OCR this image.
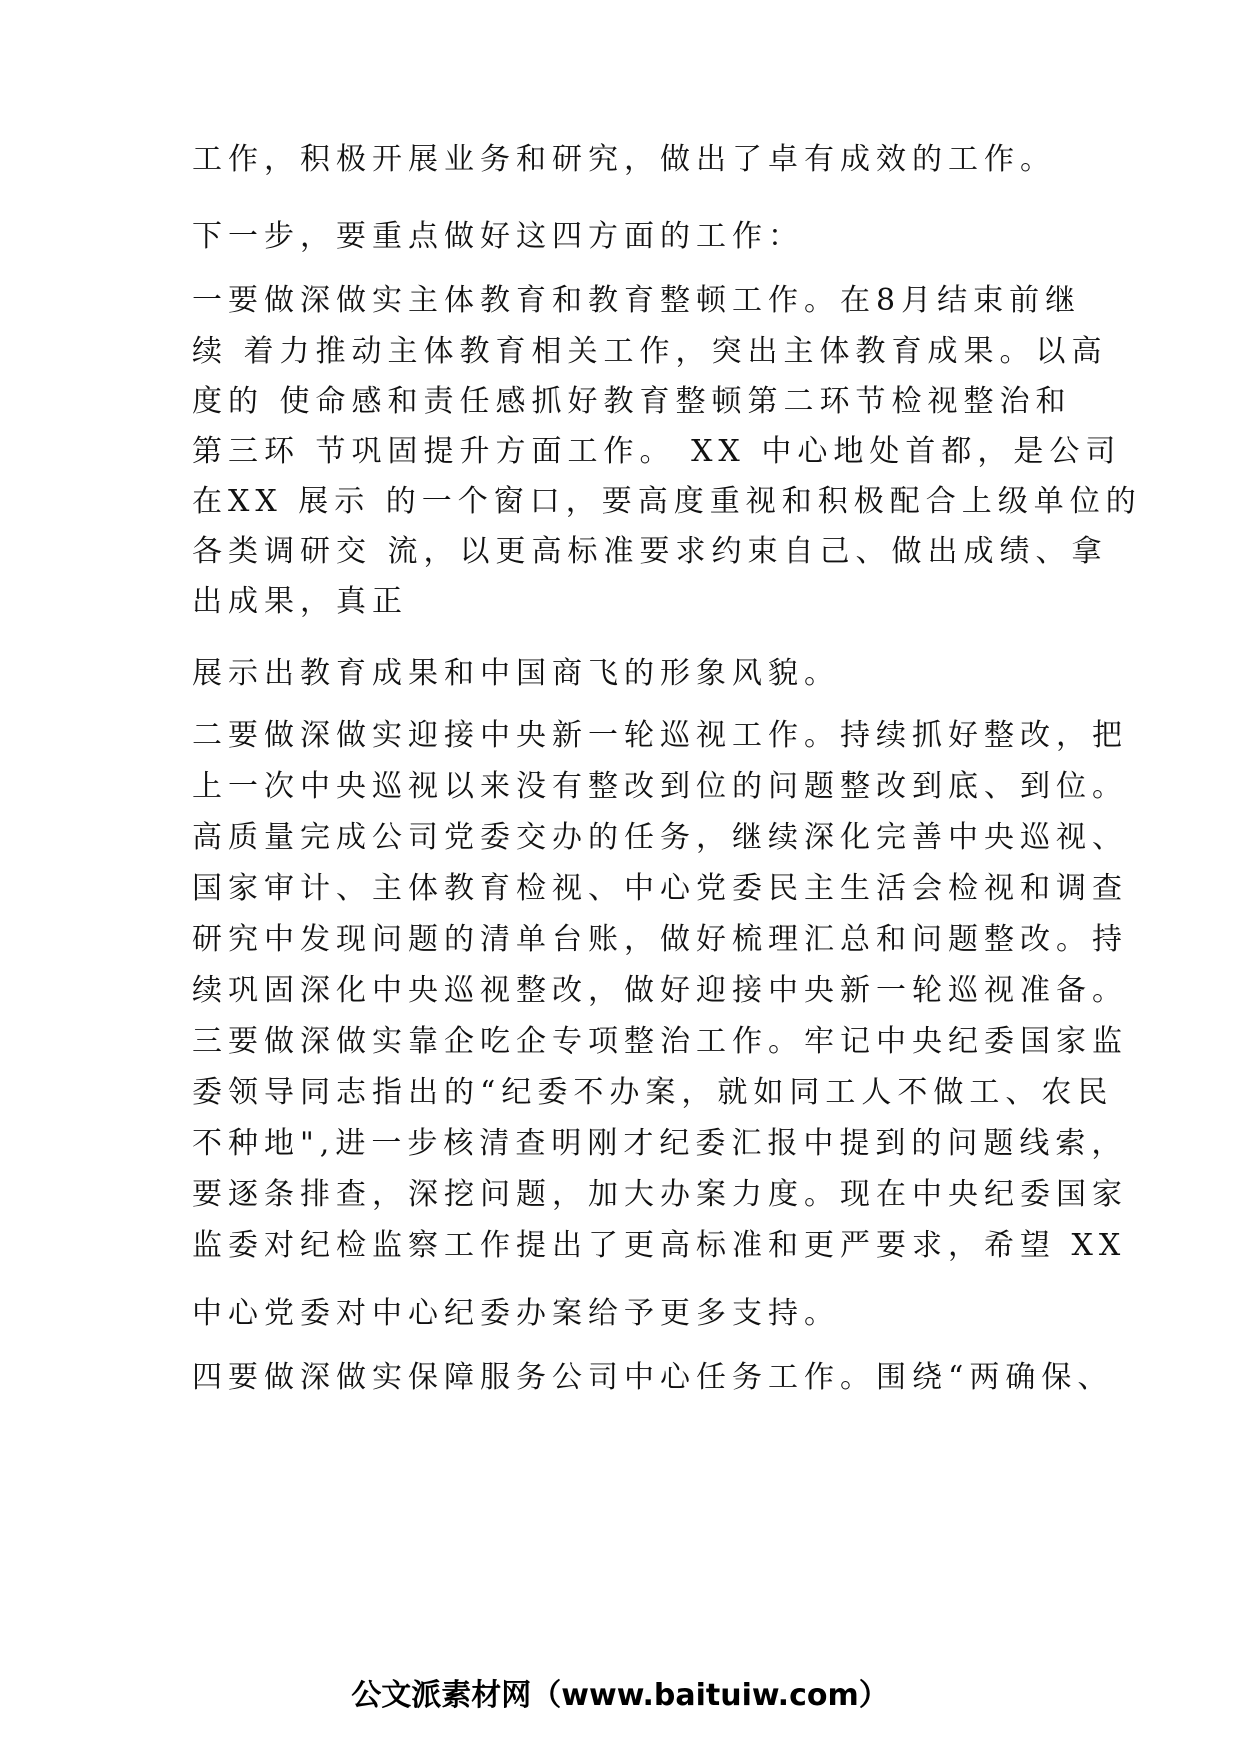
工作，积极开展业务和研究，做出了卓有成效的工作。

下一步，要重点做好这四方面的工作：

一要做深做实主体教育和教育整顿工作。在8月结束前继

续 着力推动主体教育相关工作，突出主体教育成果。以高

度的 使命感和责任感抓好教育整顿第二环节检视整治和

第三环 节巩固提升方面工作。 XX 中心地处首都，是公司

在XX 展示 的一个窗口，要高度重视和积极配合上级单位的

各类调研交 流，以更高标准要求约束自己、做出成绩、拿

出成果，真正

展示出教育成果和中国商飞的形象风貌。

二要做深做实迎接中央新一轮巡视工作。持续抓好整改，把

上一次中央巡视以来没有整改到位的问题整改到底、到位。

高质量完成公司党委交办的任务，继续深化完善中央巡视、

国家审计、主体教育检视、中心党委民主生活会检视和调查

研究中发现问题的清单台账，做好梳理汇总和问题整改。持

续巩固深化中央巡视整改，做好迎接中央新一轮巡视准备。

三要做深做实靠企吃企专项整治工作。牢记中央纪委国家监

委领导同志指出的“纪委不办案，就如同工人不做工、农民

不种地",进一步核清查明刚才纪委汇报中提到的问题线索，

要逐条排查，深挖问题，加大办案力度。现在中央纪委国家

监委对纪检监察工作提出了更高标准和更严要求，希望 XX

中心党委对中心纪委办案给予更多支持。

四要做深做实保障服务公司中心任务工作。围绕“两确保、

公文派素材网（www.baituiw.com）
